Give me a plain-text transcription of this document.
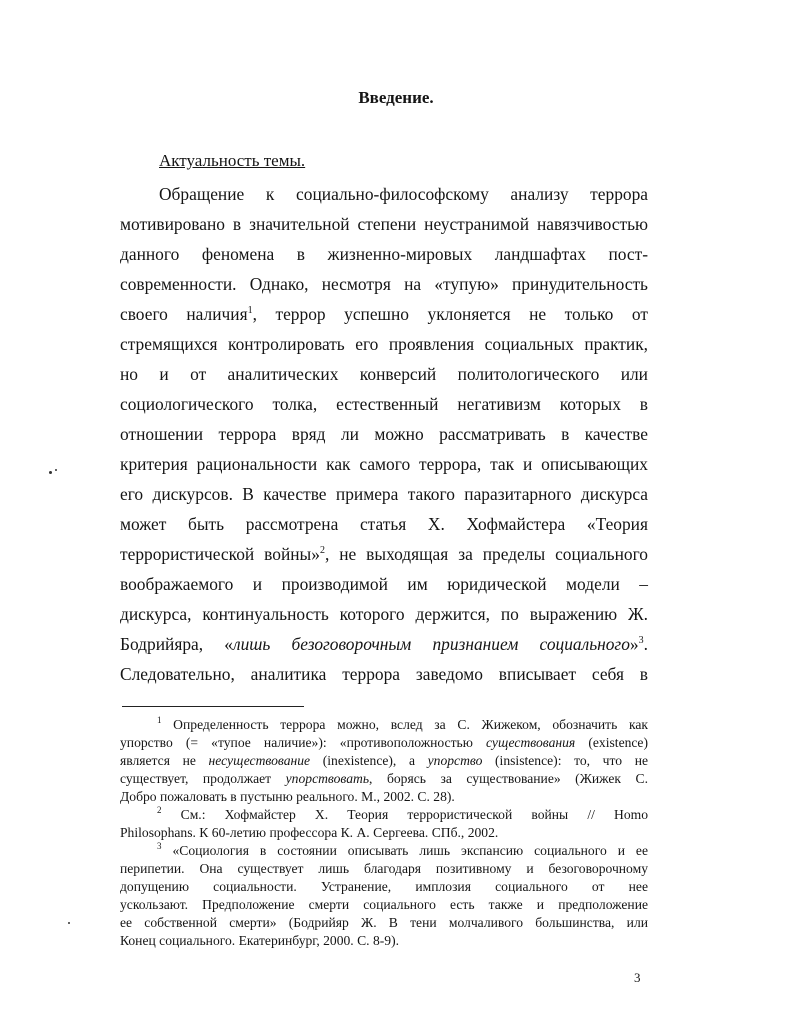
Введение.
Актуальность темы.
Обращение к социально-философскому анализу террора
мотивировано в значительной степени неустранимой навязчивостью
данного феноменa в жизненно-мировых ландшафтах пост-
современности. Однако, несмотря на «тупую» принудительность
своего наличия$^1$, террор успешно уклоняется не только от
стремящихся контролировать его проявления социальных практик,
но и от аналитических конверсий политологического или
социологического толка, естественный негативизм которых в
отношении террора вряд ли можно рассматривать в качестве
критерия рациональности как самого террора, так и описывающих
его дискурсов. В качестве примера такого паразитарного дискурса
может быть рассмотрена статья Х. Хофмайстера «Теория
террористической войны»$^2$, не выходящая за пределы социального
воображаемого и производимой им юридической модели –
дискурса, континуальность которого держится, по выражению Ж.
Бодрийяра, «лишь безоговорочным признанием социального»$^3$.
Следовательно, аналитика террора заведомо вписывает себя в
$^1$ Определенность террора можно, вслед за С. Жижеком, обозначить как
упорство (= «тупое наличие»): «противоположностью существования (existence)
является не несуществование (inexistence), а упорство (insistence): то, что не
существует, продолжает упорствовать, борясь за существование» (Жижек С.
Добро пожаловать в пустыню реального. М., 2002. С. 28).
$^2$ См.: Хофмайстер Х. Теория террористической войны // Homo
Philosophans. К 60-летию профессора К. А. Сергеева. СПб., 2002.
$^3$ «Социология в состоянии описывать лишь экспансию социального и ее
перипетии. Она существует лишь благодаря позитивному и безоговорочному
допущению социальности. Устранение, имплозия социального от нее
ускользают. Предположение смерти социального есть также и предположение
ее собственной смерти» (Бодрийяр Ж. В тени молчаливого большинства, или
Конец социального. Екатеринбург, 2000. С. 8-9).

3
